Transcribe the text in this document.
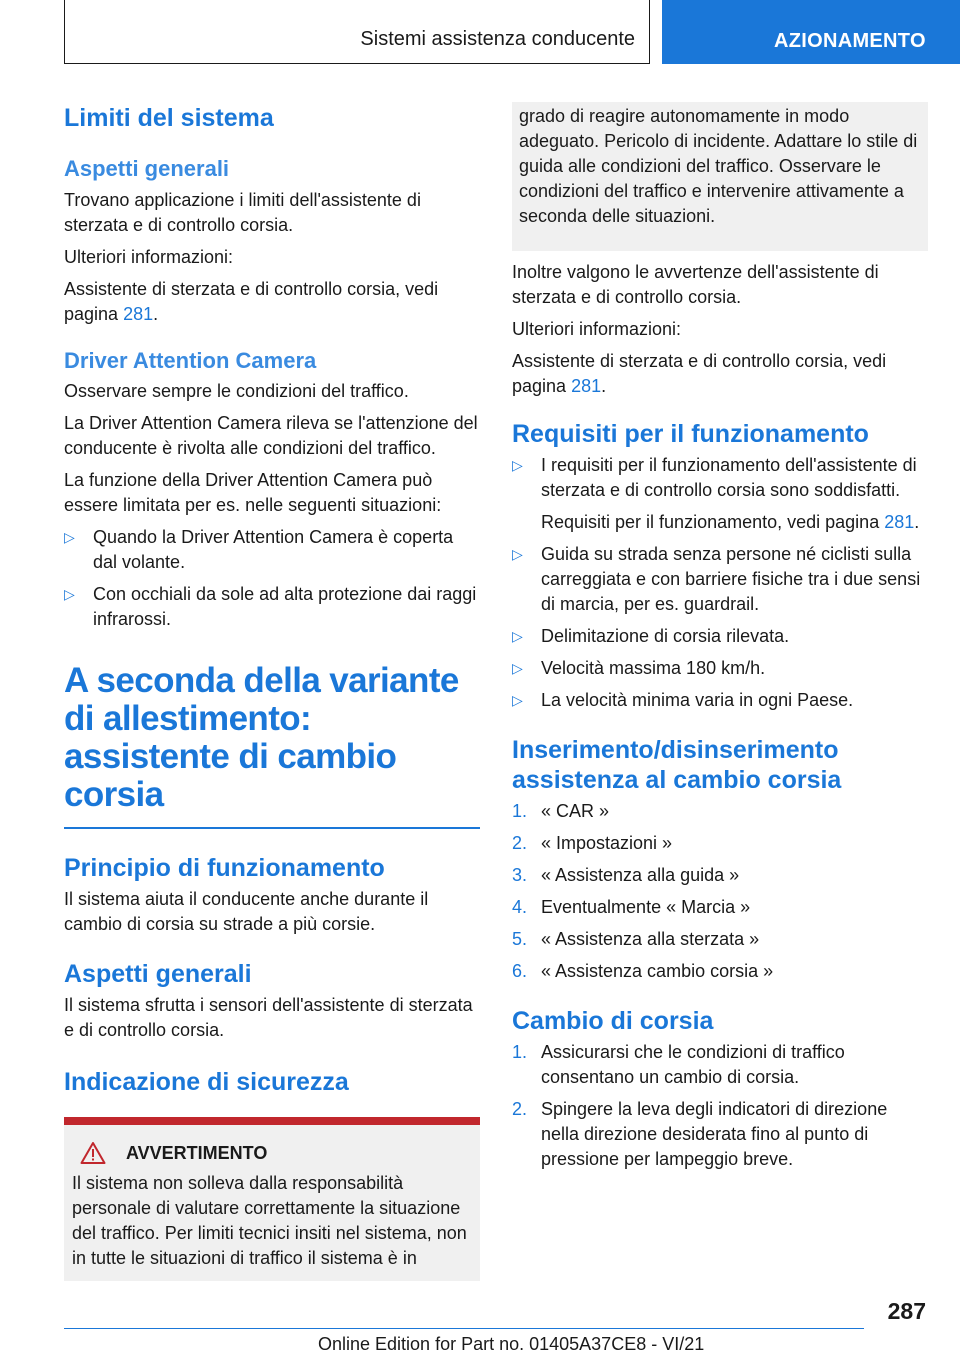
Sistemi assistenza conducente	AZIONAMENTO
Limiti del sistema
Aspetti generali

Trovano applicazione i limiti dell'assistente di sterzata e di controllo corsia.

Ulteriori informazioni:

Assistente di sterzata e di controllo corsia, vedi pagina 281.

Driver Attention Camera

Osservare sempre le condizioni del traffico.

La Driver Attention Camera rileva se l'attenzione del conducente è rivolta alle condizioni del traffico.

La funzione della Driver Attention Camera può essere limitata per es. nelle seguenti situazioni:

▷	Quando la Driver Attention Camera è coperta dal volante.
▷	Con occhiali da sole ad alta protezione dai raggi infrarossi.
A seconda della variante di allestimento: assistente di cambio corsia
Principio di funzionamento

Il sistema aiuta il conducente anche durante il cambio di corsia su strade a più corsie.

Aspetti generali

Il sistema sfrutta i sensori dell'assistente di sterzata e di controllo corsia.

Indicazione di sicurezza
AVVERTIMENTO

Il sistema non solleva dalla responsabilità personale di valutare correttamente la situazione del traffico. Per limiti tecnici insiti nel sistema, non in tutte le situazioni di traffico il sistema è in

grado di reagire autonomamente in modo adeguato. Pericolo di incidente. Adattare lo stile di guida alle condizioni del traffico. Osservare le condizioni del traffico e intervenire attivamente a seconda delle situazioni.

Inoltre valgono le avvertenze dell'assistente di sterzata e di controllo corsia.

Ulteriori informazioni:

Assistente di sterzata e di controllo corsia, vedi pagina 281.

Requisiti per il funzionamento
▷	I requisiti per il funzionamento dell'assistente di sterzata e di controllo corsia sono soddisfatti.

Requisiti per il funzionamento, vedi pagina 281.

▷	Guida su strada senza persone né ciclisti sulla carreggiata e con barriere fisiche tra i due sensi di marcia, per es. guardrail.
▷	Delimitazione di corsia rilevata.
▷	Velocità massima 180 km/h.
▷	La velocità minima varia in ogni Paese.
Inserimento/disinserimento assistenza al cambio corsia
1. « CAR »
2. « Impostazioni »
3. « Assistenza alla guida »
4. Eventualmente « Marcia »
5. « Assistenza alla sterzata »
6. « Assistenza cambio corsia »
Cambio di corsia
1. Assicurarsi che le condizioni di traffico consentano un cambio di corsia.
2. Spingere la leva degli indicatori di direzione nella direzione desiderata fino al punto di pressione per lampeggio breve.
287
Online Edition for Part no. 01405A37CE8 - VI/21
